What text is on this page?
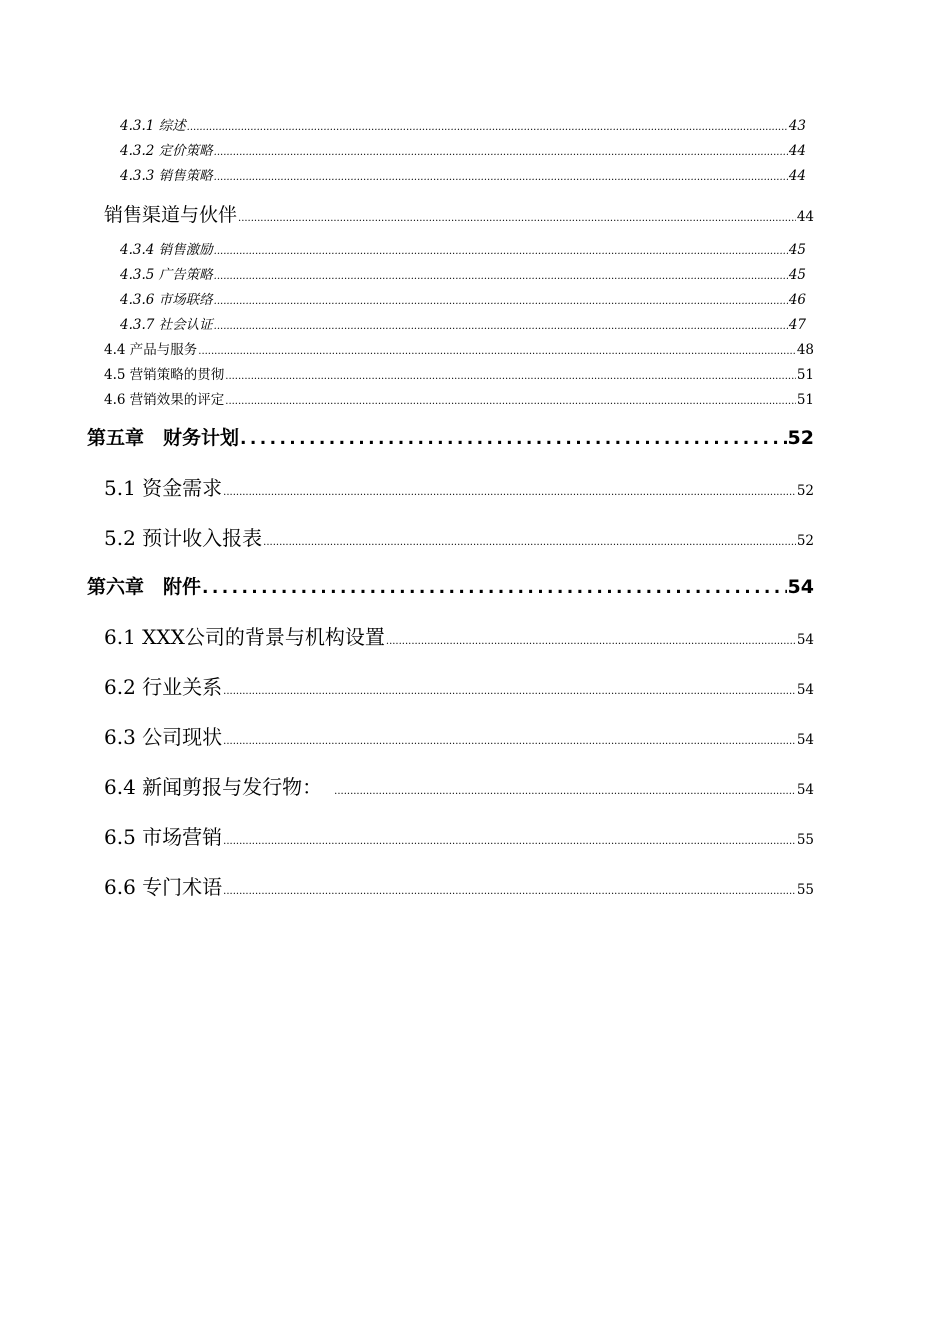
4.3.1 综述 .....	43
4.3.2 定价策略 .....	44
4.3.3 销售策略 .....	44
销售渠道与伙伴 .....	44
4.3.4 销售激励 .....	45
4.3.5 广告策略 .....	45
4.3.6 市场联络 .....	46
4.3.7 社会认证 .....	47
4.4 产品与服务 .....	48
4.5 营销策略的贯彻 .....	51
4.6 营销效果的评定 .....	51
第五章　财务计划 .....	52
5.1 资金需求 .....	52
5.2 预计收入报表 .....	52
第六章　附件 .....	54
6.1 XXX公司的背景与机构设置 .....	54
6.2 行业关系 .....	54
6.3 公司现状 .....	54
6.4 新闻剪报与发行物： .....	54
6.5 市场营销 .....	55
6.6 专门术语 .....	55
